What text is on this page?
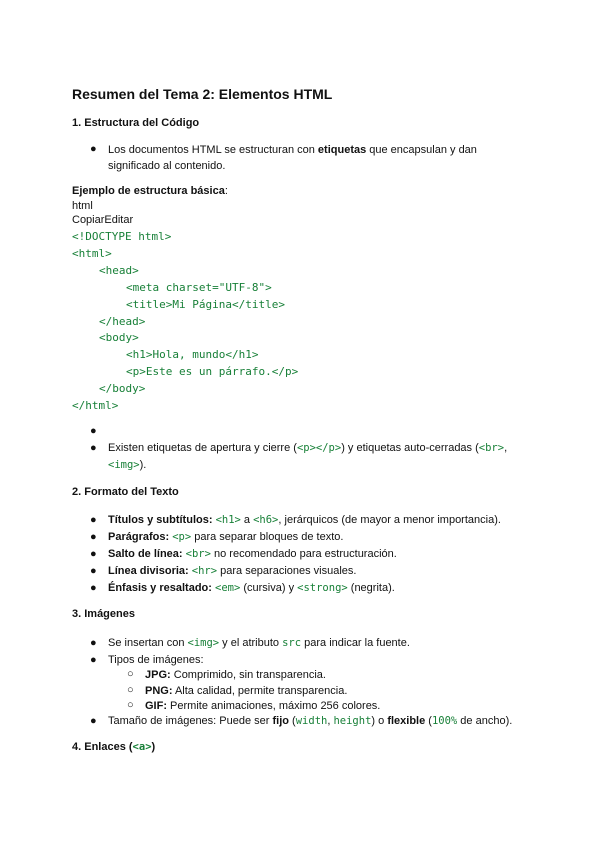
Resumen del Tema 2: Elementos HTML
1. Estructura del Código
● Los documentos HTML se estructuran con etiquetas que encapsulan y dan
significado al contenido.
Ejemplo de estructura básica:
html
CopiarEditar
<!DOCTYPE html>
<html>
<head>
<meta charset="UTF-8">
<title>Mi Página</title>
</head>
<body>
<h1>Hola, mundo</h1>
<p>Este es un párrafo.</p>
</body>
</html>
●
● Existen etiquetas de apertura y cierre (<p></p>) y etiquetas auto-cerradas (<br>,
<img>).
2. Formato del Texto
● Títulos y subtítulos: <h1> a <h6>, jerárquicos (de mayor a menor importancia).
● Parágrafos: <p> para separar bloques de texto.
● Salto de línea: <br> no recomendado para estructuración.
● Línea divisoria: <hr> para separaciones visuales.
● Énfasis y resaltado: <em> (cursiva) y <strong> (negrita).
3. Imágenes
● Se insertan con <img> y el atributo src para indicar la fuente.
● Tipos de imágenes:
○ JPG: Comprimido, sin transparencia.
○ PNG: Alta calidad, permite transparencia.
○ GIF: Permite animaciones, máximo 256 colores.
● Tamaño de imágenes: Puede ser fijo (width, height) o flexible (100% de ancho).
4. Enlaces (<a>)
